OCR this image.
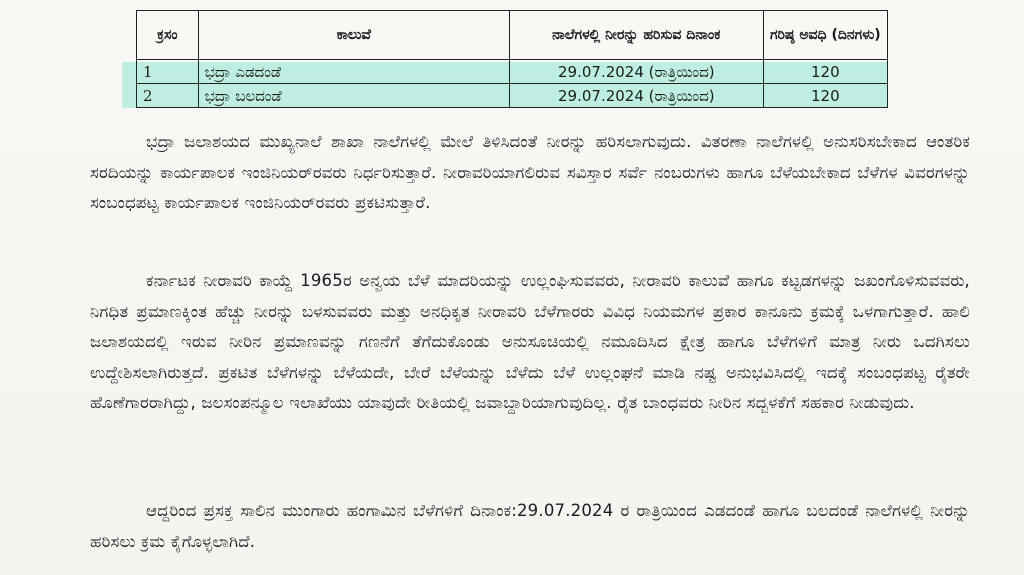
ಕ್ರಸಂ	ಕಾಲುವೆ	ನಾಲೆಗಳಲ್ಲಿ ನೀರನ್ನು ಹರಿಸುವ ದಿನಾಂಕ	ಗರಿಷ್ಠ ಅವಧಿ (ದಿನಗಳು)
1	ಭದ್ರಾ ಎಡದಂಡೆ	29.07.2024 (ರಾತ್ರಿಯಿಂದ)	120
2	ಭದ್ರಾ ಬಲದಂಡೆ	29.07.2024 (ರಾತ್ರಿಯಿಂದ)	120

ಭದ್ರಾ ಜಲಾಶಯದ ಮುಖ್ಯನಾಲೆ ಶಾಖಾ ನಾಲೆಗಳಲ್ಲಿ ಮೇಲೆ ತಿಳಿಸಿದಂತೆ ನೀರನ್ನು ಹರಿಸಲಾಗುವುದು. ವಿತರಣಾ ನಾಲೆಗಳಲ್ಲಿ ಅನುಸರಿಸಬೇಕಾದ ಆಂತರಿಕ ಸರದಿಯನ್ನು ಕಾರ್ಯಪಾಲಕ ಇಂಜಿನಿಯರ್‌ರವರು ನಿರ್ಧರಿಸುತ್ತಾರೆ. ನೀರಾವರಿಯಾಗಲಿರುವ ಸವಿಸ್ತಾರ ಸರ್ವೆ ನಂಬರುಗಳು ಹಾಗೂ ಬೆಳೆಯಬೇಕಾದ ಬೆಳೆಗಳ ವಿವರಗಳನ್ನು ಸಂಬಂಧಪಟ್ಟ ಕಾರ್ಯಪಾಲಕ ಇಂಜಿನಿಯರ್‌ರವರು ಪ್ರಕಟಿಸುತ್ತಾರೆ.

ಕರ್ನಾಟಕ ನೀರಾವರಿ ಕಾಯ್ದೆ 1965ರ ಅನ್ವಯ ಬೆಳೆ ಮಾದರಿಯನ್ನು ಉಲ್ಲಂಘಿಸುವವರು, ನೀರಾವರಿ ಕಾಲುವೆ ಹಾಗೂ ಕಟ್ಟಡಗಳನ್ನು ಜಖಂಗೊಳಿಸುವವರು, ನಿಗಧಿತ ಪ್ರಮಾಣಕ್ಕಿಂತ ಹೆಚ್ಚು ನೀರನ್ನು ಬಳಸುವವರು ಮತ್ತು ಅನಧಿಕೃತ ನೀರಾವರಿ ಬೆಳೆಗಾರರು ವಿವಿಧ ನಿಯಮಗಳ ಪ್ರಕಾರ ಕಾನೂನು ಕ್ರಮಕ್ಕೆ ಒಳಗಾಗುತ್ತಾರೆ. ಹಾಲಿ ಜಲಾಶಯದಲ್ಲಿ ಇರುವ ನೀರಿನ ಪ್ರಮಾಣವನ್ನು ಗಣನೆಗೆ ತೆಗೆದುಕೊಂಡು ಅನುಸೂಚಿಯಲ್ಲಿ ನಮೂದಿಸಿದ ಕ್ಷೇತ್ರ ಹಾಗೂ ಬೆಳೆಗಳಿಗೆ ಮಾತ್ರ ನೀರು ಒದಗಿಸಲು ಉದ್ದೇಶಿಸಲಾಗಿರುತ್ತದೆ. ಪ್ರಕಟಿತ ಬೆಳೆಗಳನ್ನು ಬೆಳೆಯದೇ, ಬೇರೆ ಬೆಳೆಯನ್ನು ಬೆಳೆದು ಬೆಳೆ ಉಲ್ಲಂಘನೆ ಮಾಡಿ ನಷ್ಟ ಅನುಭವಿಸಿದಲ್ಲಿ ಇದಕ್ಕೆ ಸಂಬಂಧಪಟ್ಟ ರೈತರೇ ಹೊಣೆಗಾರರಾಗಿದ್ದು, ಜಲಸಂಪನ್ಮೂಲ ಇಲಾಖೆಯು ಯಾವುದೇ ರೀತಿಯಲ್ಲಿ ಜವಾಬ್ದಾರಿಯಾಗುವುದಿಲ್ಲ. ರೈತ ಬಾಂಧವರು ನೀರಿನ ಸದ್ಬಳಕೆಗೆ ಸಹಕಾರ ನೀಡುವುದು.

ಆದ್ದರಿಂದ ಪ್ರಸಕ್ತ ಸಾಲಿನ ಮುಂಗಾರು ಹಂಗಾಮಿನ ಬೆಳೆಗಳಿಗೆ ದಿನಾಂಕ:29.07.2024 ರ ರಾತ್ರಿಯಿಂದ ಎಡದಂಡೆ ಹಾಗೂ ಬಲದಂಡೆ ನಾಲೆಗಳಲ್ಲಿ ನೀರನ್ನು ಹರಿಸಲು ಕ್ರಮ ಕೈಗೊಳ್ಳಲಾಗಿದೆ.
